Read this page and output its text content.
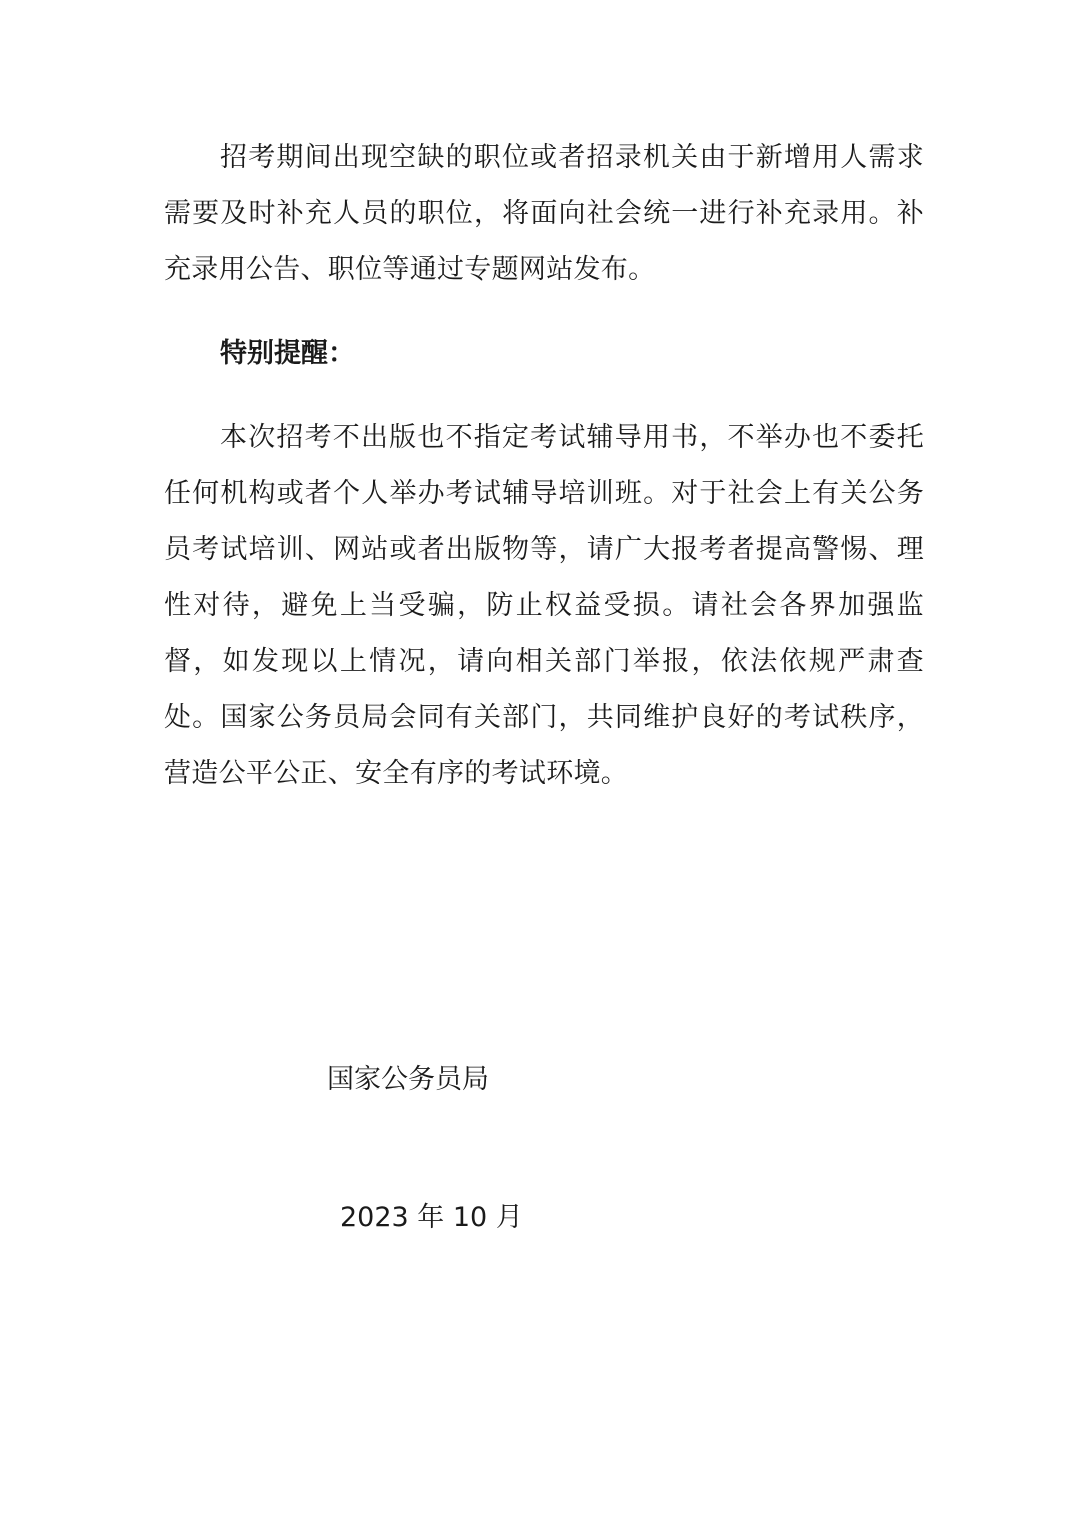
招考期间出现空缺的职位或者招录机关由于新增用人需求需要及时补充人员的职位，将面向社会统一进行补充录用。补充录用公告、职位等通过专题网站发布。

特别提醒：

本次招考不出版也不指定考试辅导用书，不举办也不委托任何机构或者个人举办考试辅导培训班。对于社会上有关公务员考试培训、网站或者出版物等，请广大报考者提高警惕、理性对待，避免上当受骗，防止权益受损。请社会各界加强监督，如发现以上情况，请向相关部门举报，依法依规严肃查处。国家公务员局会同有关部门，共同维护良好的考试秩序，营造公平公正、安全有序的考试环境。

国家公务员局

2023 年 10 月
